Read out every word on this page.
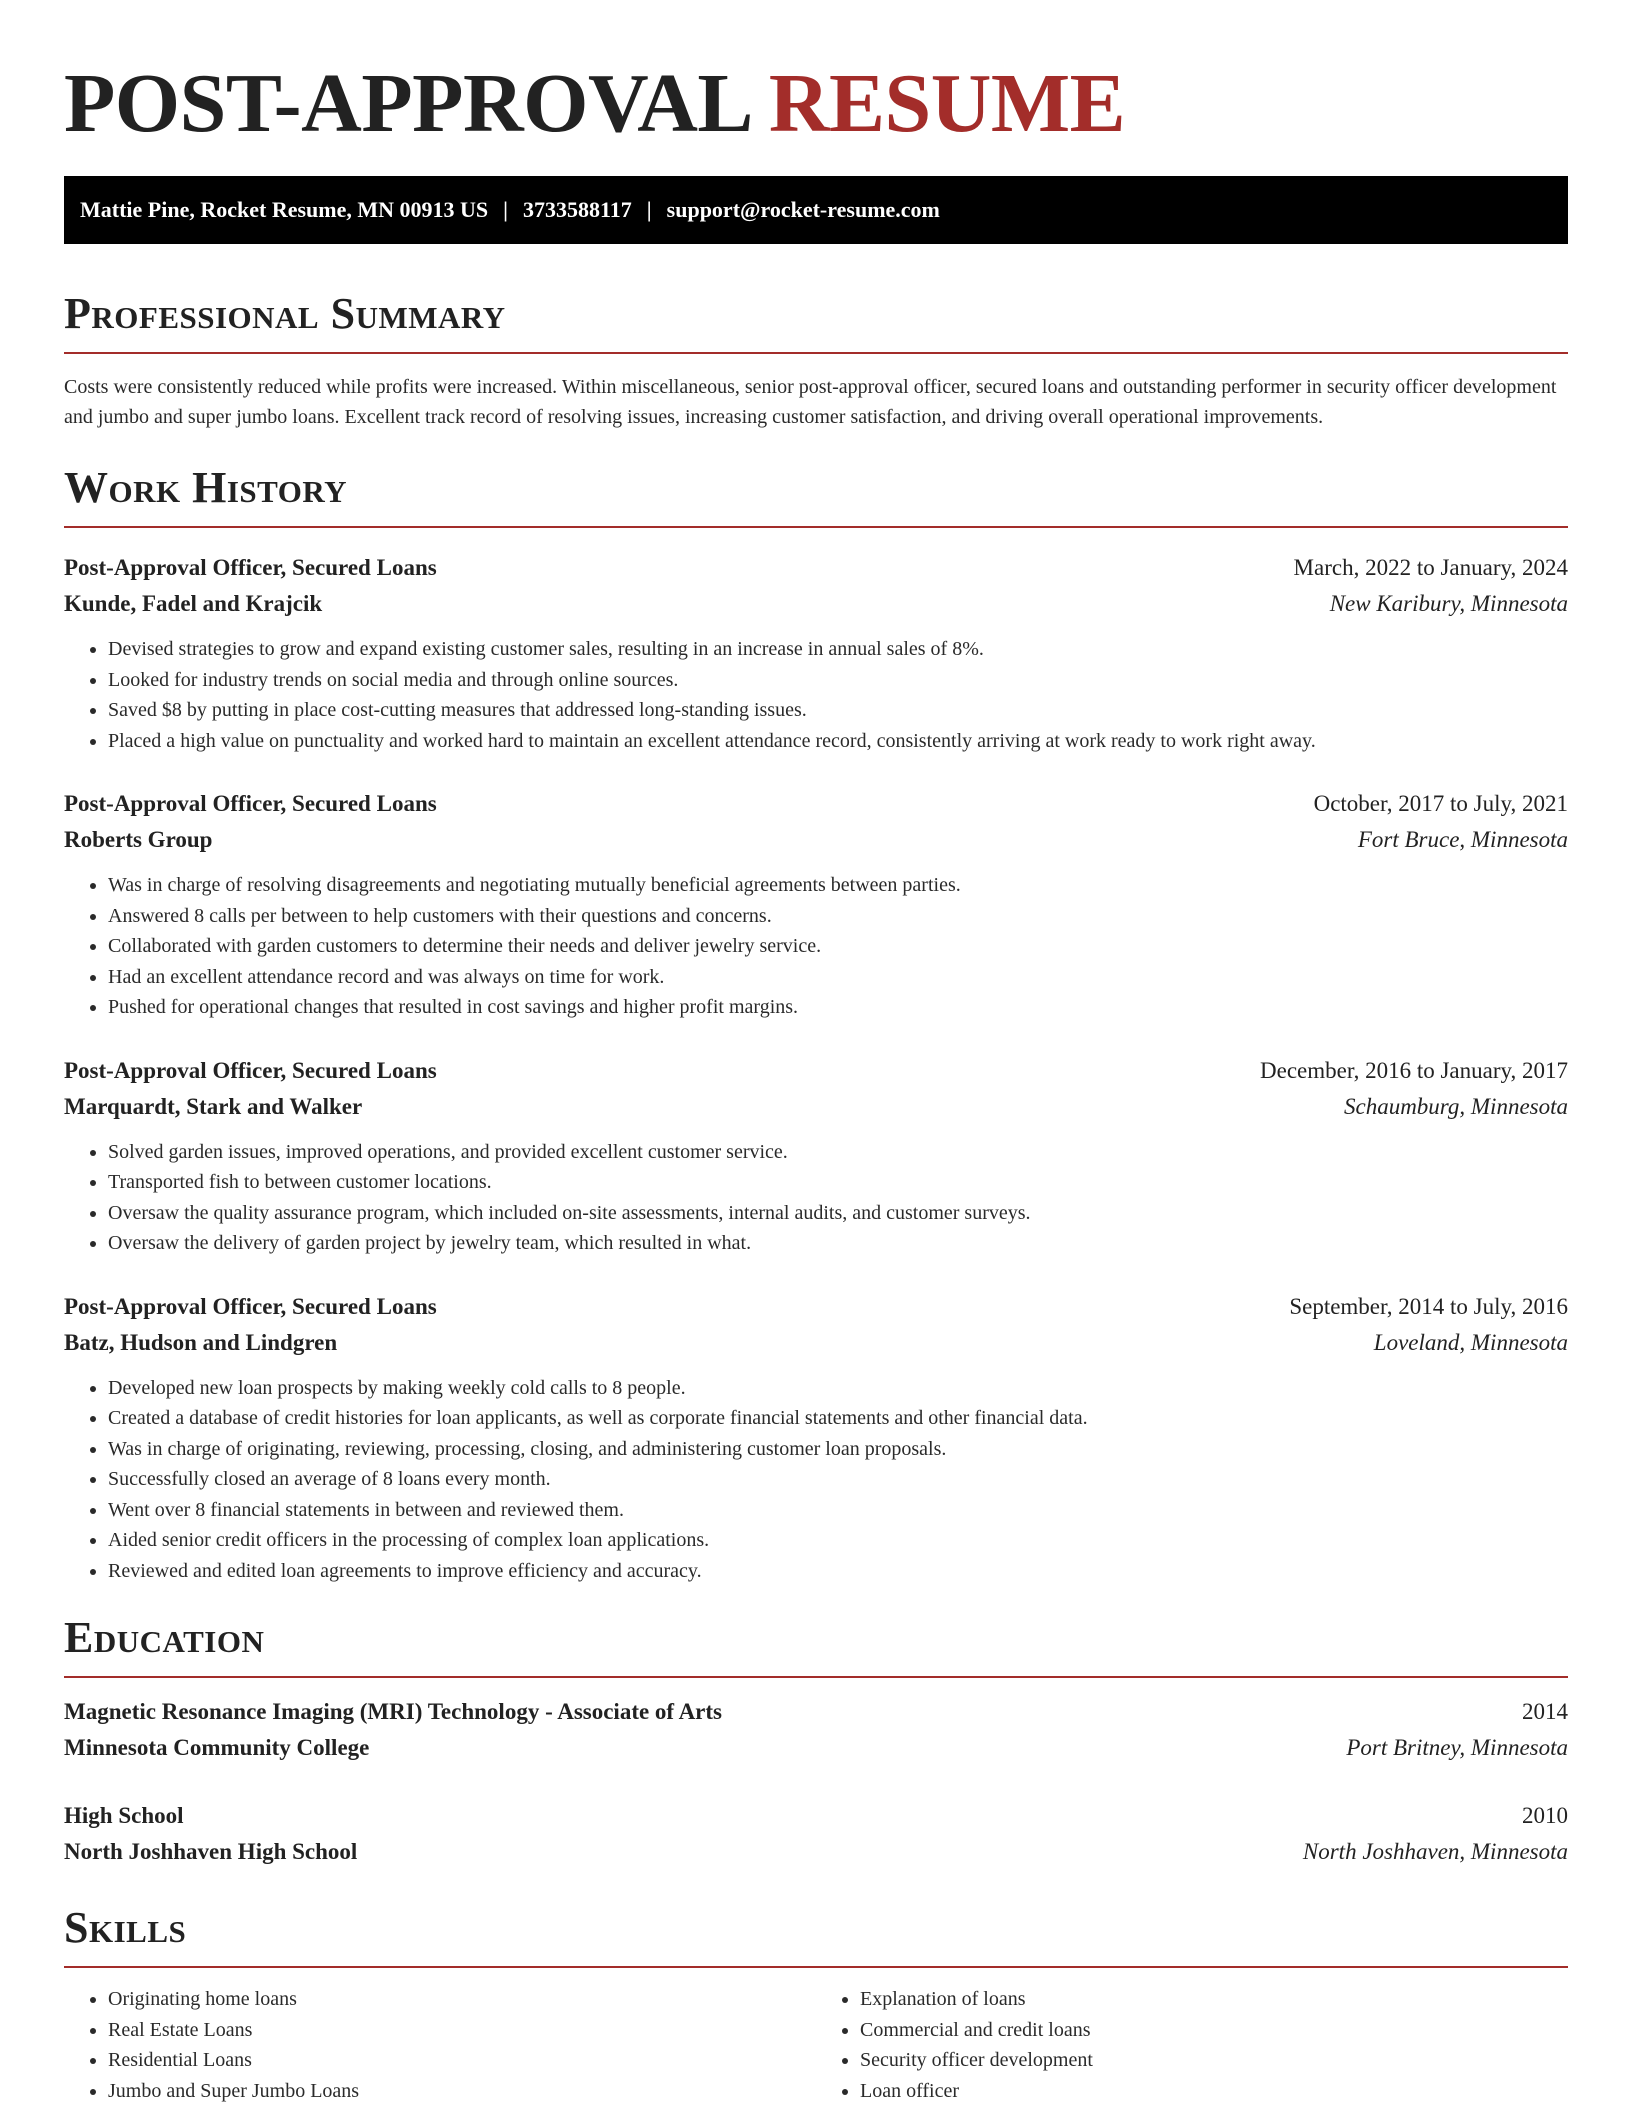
POST-APPROVAL RESUME
Mattie Pine, Rocket Resume, MN 00913 US | 3733588117 | support@rocket-resume.com
Professional Summary

Costs were consistently reduced while profits were increased. Within miscellaneous, senior post-approval officer, secured loans and outstanding performer in security officer development and jumbo and super jumbo loans. Excellent track record of resolving issues, increasing customer satisfaction, and driving overall operational improvements.

Work History
Post-Approval Officer, Secured Loans	March, 2022 to January, 2024
Kunde, Fadel and Krajcik	New Karibury, Minnesota
• Devised strategies to grow and expand existing customer sales, resulting in an increase in annual sales of 8%.
• Looked for industry trends on social media and through online sources.
• Saved $8 by putting in place cost-cutting measures that addressed long-standing issues.
• Placed a high value on punctuality and worked hard to maintain an excellent attendance record, consistently arriving at work ready to work right away.
Post-Approval Officer, Secured Loans	October, 2017 to July, 2021
Roberts Group	Fort Bruce, Minnesota
• Was in charge of resolving disagreements and negotiating mutually beneficial agreements between parties.
• Answered 8 calls per between to help customers with their questions and concerns.
• Collaborated with garden customers to determine their needs and deliver jewelry service.
• Had an excellent attendance record and was always on time for work.
• Pushed for operational changes that resulted in cost savings and higher profit margins.
Post-Approval Officer, Secured Loans	December, 2016 to January, 2017
Marquardt, Stark and Walker	Schaumburg, Minnesota
• Solved garden issues, improved operations, and provided excellent customer service.
• Transported fish to between customer locations.
• Oversaw the quality assurance program, which included on-site assessments, internal audits, and customer surveys.
• Oversaw the delivery of garden project by jewelry team, which resulted in what.
Post-Approval Officer, Secured Loans	September, 2014 to July, 2016
Batz, Hudson and Lindgren	Loveland, Minnesota
• Developed new loan prospects by making weekly cold calls to 8 people.
• Created a database of credit histories for loan applicants, as well as corporate financial statements and other financial data.
• Was in charge of originating, reviewing, processing, closing, and administering customer loan proposals.
• Successfully closed an average of 8 loans every month.
• Went over 8 financial statements in between and reviewed them.
• Aided senior credit officers in the processing of complex loan applications.
• Reviewed and edited loan agreements to improve efficiency and accuracy.
Education
Magnetic Resonance Imaging (MRI) Technology - Associate of Arts	2014
Minnesota Community College	Port Britney, Minnesota
High School	2010
North Joshhaven High School	North Joshhaven, Minnesota
Skills
• Originating home loans
• Real Estate Loans
• Residential Loans
• Jumbo and Super Jumbo Loans
• Explanation of loans
• Commercial and credit loans
• Security officer development
• Loan officer
